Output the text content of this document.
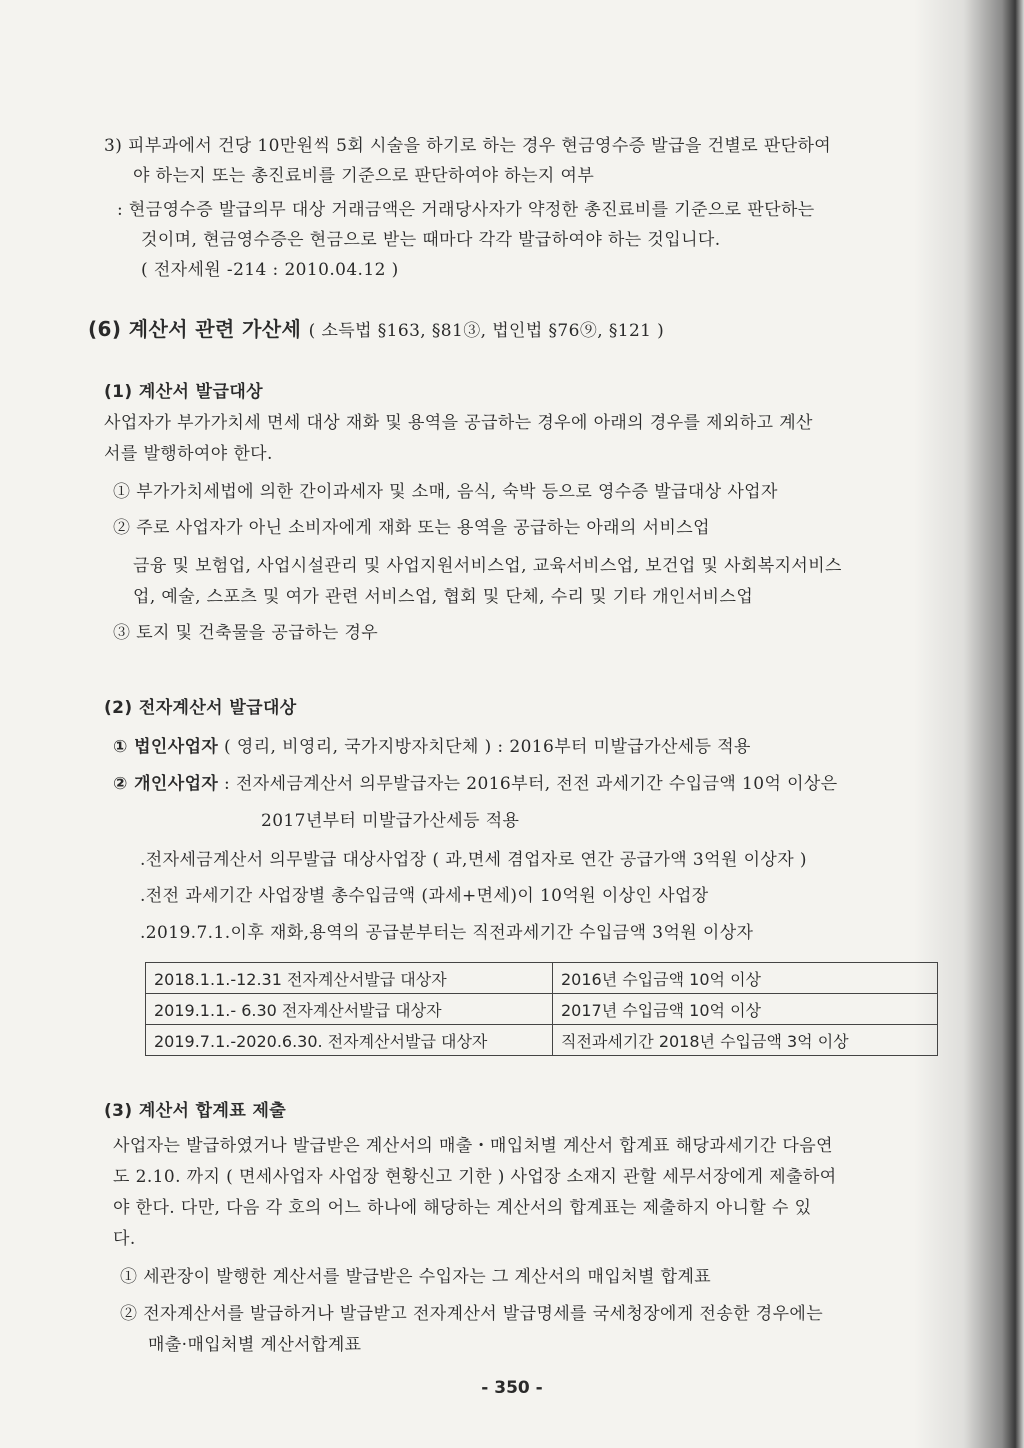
3) 피부과에서 건당 10만원씩 5회 시술을 하기로 하는 경우 현금영수증 발급을 건별로 판단하여
야 하는지 또는 총진료비를 기준으로 판단하여야 하는지 여부
: 현금영수증 발급의무 대상 거래금액은 거래당사자가 약정한 총진료비를 기준으로 판단하는
것이며, 현금영수증은 현금으로 받는 때마다 각각 발급하여야 하는 것입니다.
( 전자세원 -214 : 2010.04.12 )
(6) 계산서 관련 가산세 ( 소득법 §163, §81③, 법인법 §76⑨, §121 )
(1) 계산서 발급대상
사업자가 부가가치세 면세 대상 재화 및 용역을 공급하는 경우에 아래의 경우를 제외하고 계산
서를 발행하여야 한다.
① 부가가치세법에 의한 간이과세자 및 소매, 음식, 숙박 등으로 영수증 발급대상 사업자
② 주로 사업자가 아닌 소비자에게 재화 또는 용역을 공급하는 아래의 서비스업
금융 및 보험업, 사업시설관리 및 사업지원서비스업, 교육서비스업, 보건업 및 사회복지서비스
업, 예술, 스포츠 및 여가 관련 서비스업, 협회 및 단체, 수리 및 기타 개인서비스업
③ 토지 및 건축물을 공급하는 경우
(2) 전자계산서 발급대상
① 법인사업자 ( 영리, 비영리, 국가지방자치단체 ) : 2016부터 미발급가산세등 적용
② 개인사업자 : 전자세금계산서 의무발급자는 2016부터, 전전 과세기간 수입금액 10억 이상은
2017년부터 미발급가산세등 적용
.전자세금계산서 의무발급 대상사업장 ( 과,면세 겸업자로 연간 공급가액 3억원 이상자 )
.전전 과세기간 사업장별 총수입금액 (과세+면세)이 10억원 이상인 사업장
.2019.7.1.이후 재화,용역의 공급분부터는 직전과세기간 수입금액 3억원 이상자
2018.1.1.-12.31 전자계산서발급 대상자	2016년 수입금액 10억 이상
2019.1.1.- 6.30 전자계산서발급 대상자	2017년 수입금액 10억 이상
2019.7.1.-2020.6.30. 전자계산서발급 대상자	직전과세기간 2018년 수입금액 3억 이상
(3) 계산서 합계표 제출
사업자는 발급하였거나 발급받은 계산서의 매출・매입처별 계산서 합계표 해당과세기간 다음연
도 2.10. 까지 ( 면세사업자 사업장 현황신고 기한 ) 사업장 소재지 관할 세무서장에게 제출하여
야 한다. 다만, 다음 각 호의 어느 하나에 해당하는 계산서의 합계표는 제출하지 아니할 수 있
다.
① 세관장이 발행한 계산서를 발급받은 수입자는 그 계산서의 매입처별 합계표
② 전자계산서를 발급하거나 발급받고 전자계산서 발급명세를 국세청장에게 전송한 경우에는
매출·매입처별 계산서합계표
- 350 -
